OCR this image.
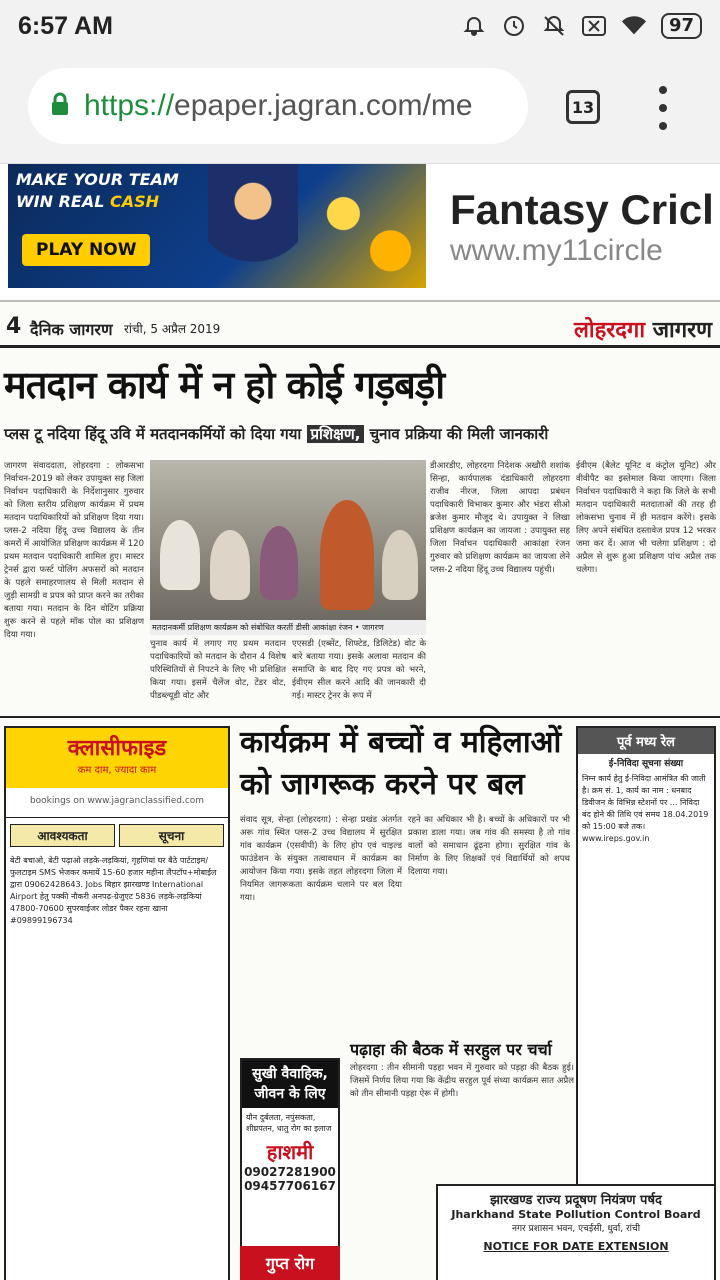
6:57 AM	97
https://epaper.jagran.com/me	13
MAKE YOUR TEAM
WIN REAL CASH
PLAY NOW
Fantasy Cricl
www.my11circle
4 दैनिक जागरण रांची, 5 अप्रैल 2019	लोहरदगा जागरण
मतदान कार्य में न हो कोई गड़बड़ी
प्लस टू नदिया हिंदू उवि में मतदानकर्मियों को दिया गया प्रशिक्षण, चुनाव प्रक्रिया की मिली जानकारी
जागरण संवाददाता, लोहरदगा : लोकसभा निर्वाचन-2019 को लेकर उपायुक्त सह जिला निर्वाचन पदाधिकारी के निर्देशानुसार गुरुवार को जिला स्तरीय प्रशिक्षण कार्यक्रम में प्रथम मतदान पदाधिकारियों को प्रशिक्षण दिया गया। प्लस-2 नदिया हिंदू उच्च विद्यालय के तीन कमरों में आयोजित प्रशिक्षण कार्यक्रम में 120 प्रथम मतदान पदाधिकारी शामिल हुए। मास्टर ट्रेनर्स द्वारा फर्स्ट पोलिंग अफसरों को मतदान के पहले समाहरणालय से मिली मतदान से जुड़ी सामग्री व प्रपत्र को प्राप्त करने का तरीका बताया गया। मतदान के दिन वोटिंग प्रक्रिया शुरू करने से पहले मॉक पोल का प्रशिक्षण दिया गया।
मतदानकर्मी प्रशिक्षण कार्यक्रम को संबोधित करतीं डीसी आकांक्षा रंजन • जागरण
डीआरडीए, लोहरदगा निदेशक अखौरी शशांक सिन्हा, कार्यपालक दंडाधिकारी लोहरदगा राजीव नीरज, जिला आपदा प्रबंधन पदाधिकारी विभाकर कुमार और भंडरा सीओ ब्रजेश कुमार मौजूद थे। उपायुक्त ने लिखा प्रशिक्षण कार्यक्रम का जायजा : उपायुक्त सह जिला निर्वाचन पदाधिकारी आकांक्षा रंजन गुरुवार को प्रशिक्षण कार्यक्रम का जायजा लेने प्लस-2 नदिया हिंदू उच्च विद्यालय पहुंची।
ईवीएम (बैलेट यूनिट व कंट्रोल यूनिट) और वीवीपैट का इस्तेमाल किया जाएगा। जिला निर्वाचन पदाधिकारी ने कहा कि जिले के सभी मतदान पदाधिकारी मतदाताओं की तरह ही लोकसभा चुनाव में ही मतदान करेंगे। इसके लिए अपने संबंधित दस्तावेज प्रपत्र 12 भरकर जमा कर दें। आज भी चलेगा प्रशिक्षण : दो अप्रैल से शुरू हुआ प्रशिक्षण पांच अप्रैल तक चलेगा।
चुनाव कार्य में लगाए गए प्रथम मतदान पदाधिकारियों को मतदान के दौरान 4 विशेष परिस्थितियों से निपटने के लिए भी प्रशिक्षित किया गया। इसमें चैलेंज वोट, टेंडर वोट, पीडब्ल्यूडी वोट और
एएसडी (एब्सेंट, शिफ्टेड, डिलिटेड) वोट के बारे बताया गया। इसके अलावा मतदान की समाप्ति के बाद दिए गए प्रपत्र को भरने, ईवीएम सील करने आदि की जानकारी दी गई। मास्टर ट्रेनर के रूप में
क्लासीफाइड
कम दाम, ज्यादा काम
bookings on www.jagranclassified.com
आवश्यकता	सूचना
बेटी बचाओ, बेटी पढ़ाओ लड़के-लड़कियां, गृहणियां घर बैठे पार्टटाइम/फुलटाइम SMS भेजकर कमायें 15-60 हजार महीना लैपटॉप+मोबाईल द्वारा 09062428643. Jobs बिहार झारखण्ड International Airport हेतु पक्की नौकरी अनपढ़-ग्रेजुएट 5836 लड़के-लड़कियां 47800-70600 सुपरवाईजर लोडर पैकर रहना खाना #09899196734
कार्यक्रम में बच्चों व महिलाओं को जागरूक करने पर बल
संवाद सूत्र, सेन्हा (लोहरदगा) : सेन्हा प्रखंड अंतर्गत अरू गांव स्थित प्लस-2 उच्च विद्यालय में सुरक्षित गांव कार्यक्रम (एसवीपी) के लिए होप एवं चाइल्ड फाउंडेशन के संयुक्त तत्वावधान में कार्यक्रम का आयोजन किया गया। इसके तहत लोहरदगा जिला में नियमित जागरूकता कार्यक्रम चलाने पर बल दिया गया।
रहने का अधिकार भी है। बच्चों के अधिकारों पर भी प्रकाश डाला गया। जब गांव की समस्या है तो गांव वालों को समाधान ढूंढ़ना होगा। सुरक्षित गांव के निर्माण के लिए शिक्षकों एवं विद्यार्थियों को शपथ दिलाया गया।
पढ़ाहा की बैठक में सरहुल पर चर्चा
लोहरदगा : तीन सीमानी पड़हा भवन में गुरुवार को पड़हा की बैठक हुई। जिसमें निर्णय लिया गया कि केंद्रीय सरहुल पूर्व संध्या कार्यक्रम सात अप्रैल को तीन सीमानी पड़हा ऐरू में होगी।
सुखी वैवाहिक, जीवन के लिए
यौन दुर्बलता, नपुंसकता, शीघ्रपतन, धातु रोग का इलाज
हाशमी
09027281900
09457706167
गुप्त रोग
पूर्व मध्य रेल
ई-निविदा सूचना संख्या
निम्न कार्य हेतु ई-निविदा आमंत्रित की जाती है। क्रम सं. 1, कार्य का नाम : धनबाद डिवीजन के विभिन्न स्टेशनों पर ... निविदा बंद होने की तिथि एवं समय 18.04.2019 को 15:00 बजे तक। www.ireps.gov.in
झारखण्ड राज्य प्रदूषण नियंत्रण पर्षद
Jharkhand State Pollution Control Board
नगर प्रशासन भवन, एचईसी, धुर्वा, रांची
NOTICE FOR DATE EXTENSION
